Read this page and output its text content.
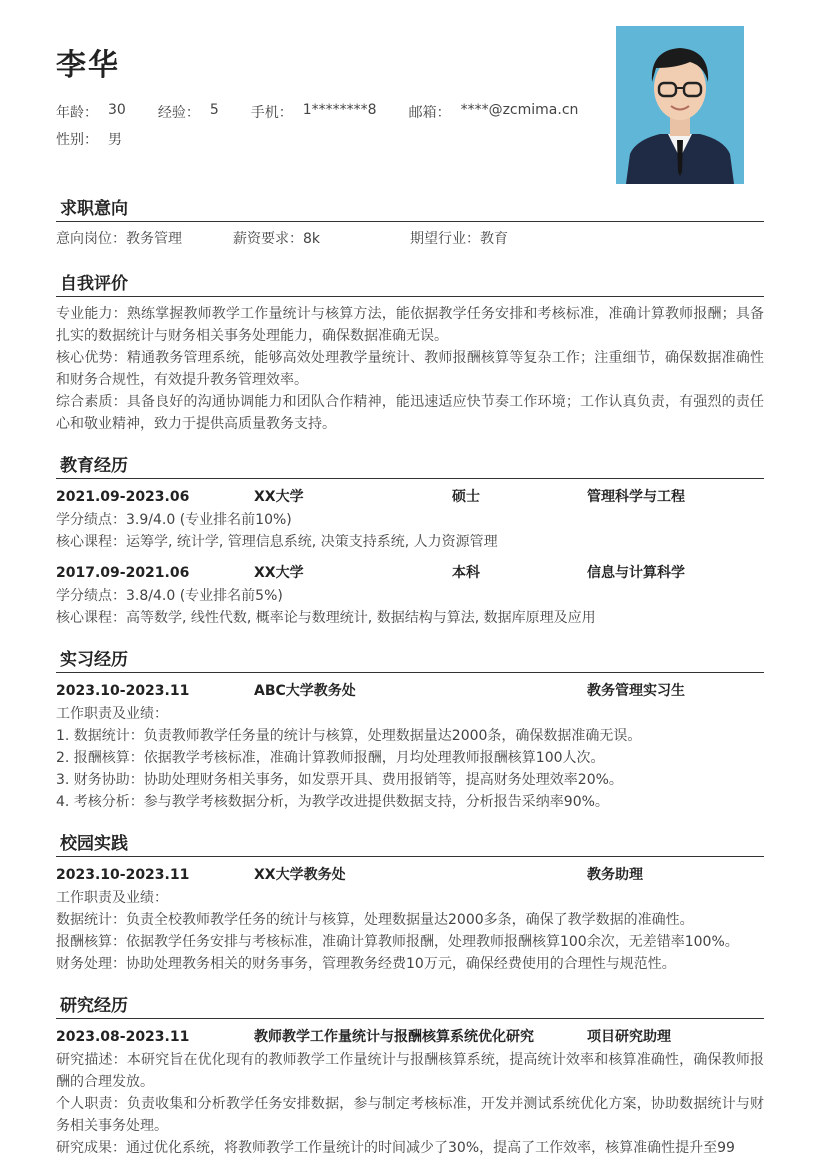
李华
年龄： 30 经验： 5 手机： 1********8 邮箱： ****@zcmima.cn
性别： 男
求职意向
意向岗位：教务管理	薪资要求：8k	期望行业：教育
自我评价
专业能力：熟练掌握教师教学工作量统计与核算方法，能依据教学任务安排和考核标准，准确计算教师报酬；具备扎实的数据统计与财务相关事务处理能力，确保数据准确无误。
核心优势：精通教务管理系统，能够高效处理教学量统计、教师报酬核算等复杂工作；注重细节，确保数据准确性和财务合规性，有效提升教务管理效率。
综合素质：具备良好的沟通协调能力和团队合作精神，能迅速适应快节奏工作环境；工作认真负责，有强烈的责任心和敬业精神，致力于提供高质量教务支持。
教育经历
2021.09-2023.06	XX大学	硕士	管理科学与工程
学分绩点：3.9/4.0 (专业排名前10%)
核心课程：运筹学, 统计学, 管理信息系统, 决策支持系统, 人力资源管理
2017.09-2021.06	XX大学	本科	信息与计算科学
学分绩点：3.8/4.0 (专业排名前5%)
核心课程：高等数学, 线性代数, 概率论与数理统计, 数据结构与算法, 数据库原理及应用
实习经历
2023.10-2023.11	ABC大学教务处	教务管理实习生
工作职责及业绩：
1. 数据统计：负责教师教学任务量的统计与核算，处理数据量达2000条，确保数据准确无误。
2. 报酬核算：依据教学考核标准，准确计算教师报酬，月均处理教师报酬核算100人次。
3. 财务协助：协助处理财务相关事务，如发票开具、费用报销等，提高财务处理效率20%。
4. 考核分析：参与教学考核数据分析，为教学改进提供数据支持，分析报告采纳率90%。
校园实践
2023.10-2023.11	XX大学教务处	教务助理
工作职责及业绩：
数据统计：负责全校教师教学任务的统计与核算，处理数据量达2000多条，确保了教学数据的准确性。
报酬核算：依据教学任务安排与考核标准，准确计算教师报酬，处理教师报酬核算100余次，无差错率100%。
财务处理：协助处理教务相关的财务事务，管理教务经费10万元，确保经费使用的合理性与规范性。
研究经历
2023.08-2023.11	教师教学工作量统计与报酬核算系统优化研究	项目研究助理
研究描述：本研究旨在优化现有的教师教学工作量统计与报酬核算系统，提高统计效率和核算准确性，确保教师报酬的合理发放。
个人职责：负责收集和分析教学任务安排数据，参与制定考核标准，开发并测试系统优化方案，协助数据统计与财务相关事务处理。
研究成果：通过优化系统，将教师教学工作量统计的时间减少了30%，提高了工作效率，核算准确性提升至99
